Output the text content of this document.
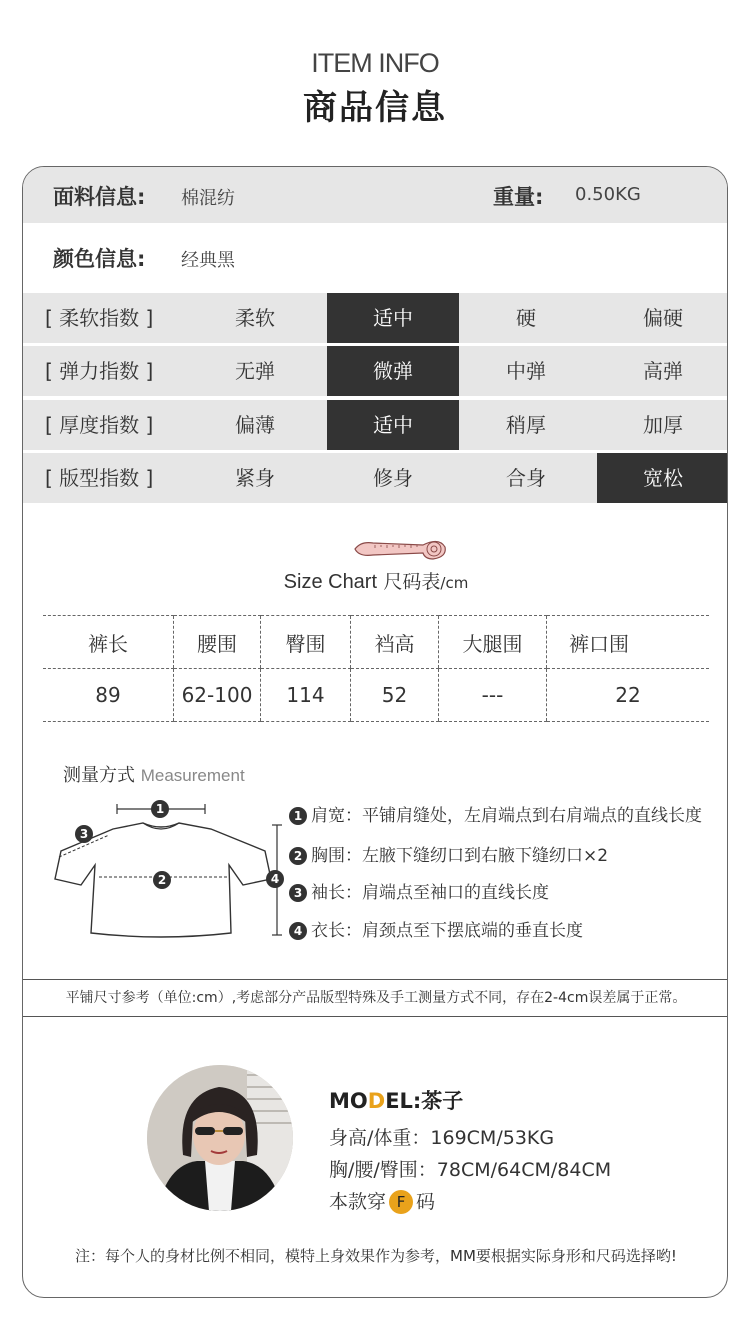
ITEM INFO
商品信息
面料信息: 棉混纺	重量: 0.50KG
颜色信息: 经典黑
[ 柔软指数 ]	柔软	适中	硬	偏硬
[ 弹力指数 ]	无弹	微弹	中弹	高弹
[ 厚度指数 ]	偏薄	适中	稍厚	加厚
[ 版型指数 ]	紧身	修身	合身	宽松
Size Chart 尺码表/cm
裤长	腰围	臀围	裆高	大腿围	裤口围
89	62-100	114	52	---	22
测量方式 Measurement
1
2
3
4
1 肩宽：平铺肩缝处，左肩端点到右肩端点的直线长度
2 胸围：左腋下缝纫口到右腋下缝纫口×2
3 袖长：肩端点至袖口的直线长度
4 衣长：肩颈点至下摆底端的垂直长度
平铺尺寸参考（单位:cm）,考虑部分产品版型特殊及手工测量方式不同，存在2-4cm误差属于正常。
MODEL:茶子
身高/体重：169CM/53KG
胸/腰/臀围：78CM/64CM/84CM
本款穿 F 码
注：每个人的身材比例不相同，模特上身效果作为参考，MM要根据实际身形和尺码选择哟!
